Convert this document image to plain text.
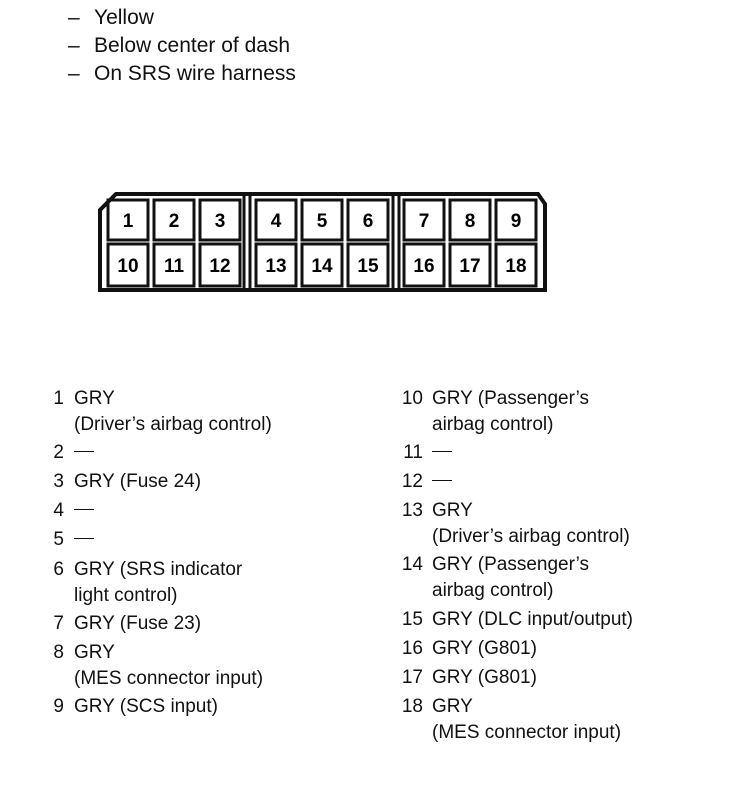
– Yellow
– Below center of dash
– On SRS wire harness
1 2 3 4 5 6 7 8 9
10 11 12 13 14 15 16 17 18
1 GRY
(Driver’s airbag control)
2
3 GRY (Fuse 24)
4
5
6 GRY (SRS indicator
light control)
7 GRY (Fuse 23)
8 GRY
(MES connector input)
9 GRY (SCS input)
10 GRY (Passenger’s
airbag control)
11
12
13 GRY
(Driver’s airbag control)
14 GRY (Passenger’s
airbag control)
15 GRY (DLC input/output)
16 GRY (G801)
17 GRY (G801)
18 GRY
(MES connector input)
